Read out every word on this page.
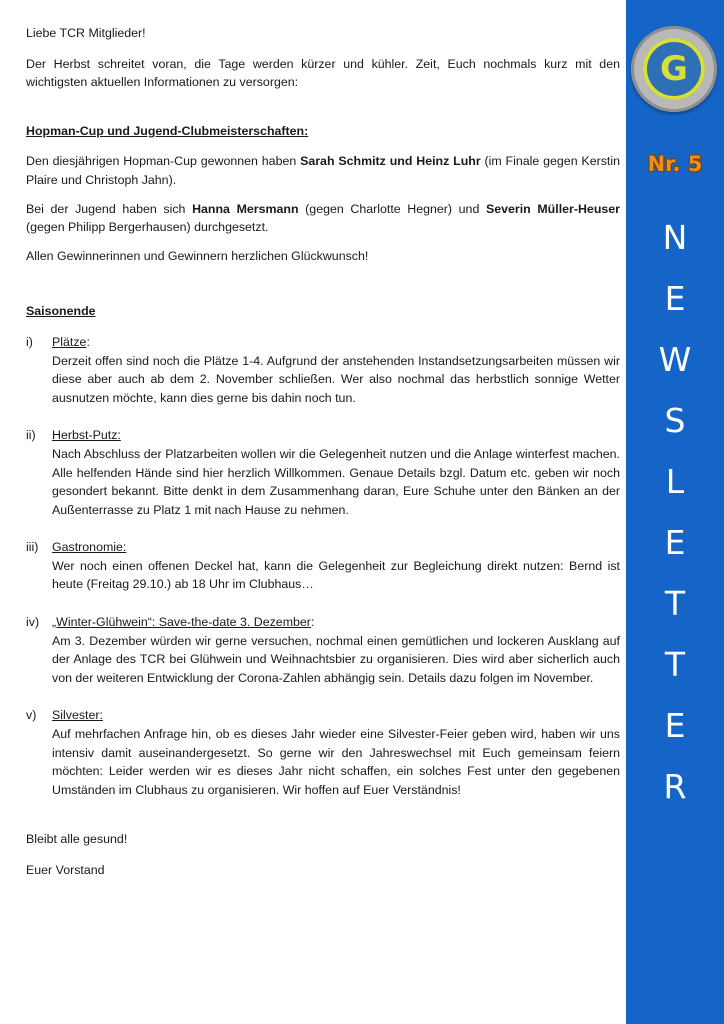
Liebe TCR Mitglieder!

Der Herbst schreitet voran, die Tage werden kürzer und kühler. Zeit, Euch nochmals kurz mit den wichtigsten aktuellen Informationen zu versorgen:

Hopman-Cup und Jugend-Clubmeisterschaften:

Den diesjährigen Hopman-Cup gewonnen haben Sarah Schmitz und Heinz Luhr (im Finale gegen Kerstin Plaire und Christoph Jahn).

Bei der Jugend haben sich Hanna Mersmann (gegen Charlotte Hegner) und Severin Müller-Heuser (gegen Philipp Bergerhausen) durchgesetzt.

Allen Gewinnerinnen und Gewinnern herzlichen Glückwunsch!

Saisonende

i)	Plätze:
Derzeit offen sind noch die Plätze 1-4. Aufgrund der anstehenden Instandsetzungsarbeiten müssen wir diese aber auch ab dem 2. November schließen. Wer also nochmal das herbstlich sonnige Wetter ausnutzen möchte, kann dies gerne bis dahin noch tun.
ii)	Herbst-Putz:
Nach Abschluss der Platzarbeiten wollen wir die Gelegenheit nutzen und die Anlage winterfest machen. Alle helfenden Hände sind hier herzlich Willkommen. Genaue Details bzgl. Datum etc. geben wir noch gesondert bekannt. Bitte denkt in dem Zusammenhang daran, Eure Schuhe unter den Bänken an der Außenterrasse zu Platz 1 mit nach Hause zu nehmen.
iii)	Gastronomie:
Wer noch einen offenen Deckel hat, kann die Gelegenheit zur Begleichung direkt nutzen: Bernd ist heute (Freitag 29.10.) ab 18 Uhr im Clubhaus…
iv)	„Winter-Glühwein“: Save-the-date 3. Dezember:
Am 3. Dezember würden wir gerne versuchen, nochmal einen gemütlichen und lockeren Ausklang auf der Anlage des TCR bei Glühwein und Weihnachtsbier zu organisieren. Dies wird aber sicherlich auch von der weiteren Entwicklung der Corona-Zahlen abhängig sein. Details dazu folgen im November.
v)	Silvester:
Auf mehrfachen Anfrage hin, ob es dieses Jahr wieder eine Silvester-Feier geben wird, haben wir uns intensiv damit auseinandergesetzt. So gerne wir den Jahreswechsel mit Euch gemeinsam feiern möchten: Leider werden wir es dieses Jahr nicht schaffen, ein solches Fest unter den gegebenen Umständen im Clubhaus zu organisieren. Wir hoffen auf Euer Verständnis!

Bleibt alle gesund!

Euer Vorstand

G
Nr. 5
N
E
W
S
L
E
T
T
E
R
